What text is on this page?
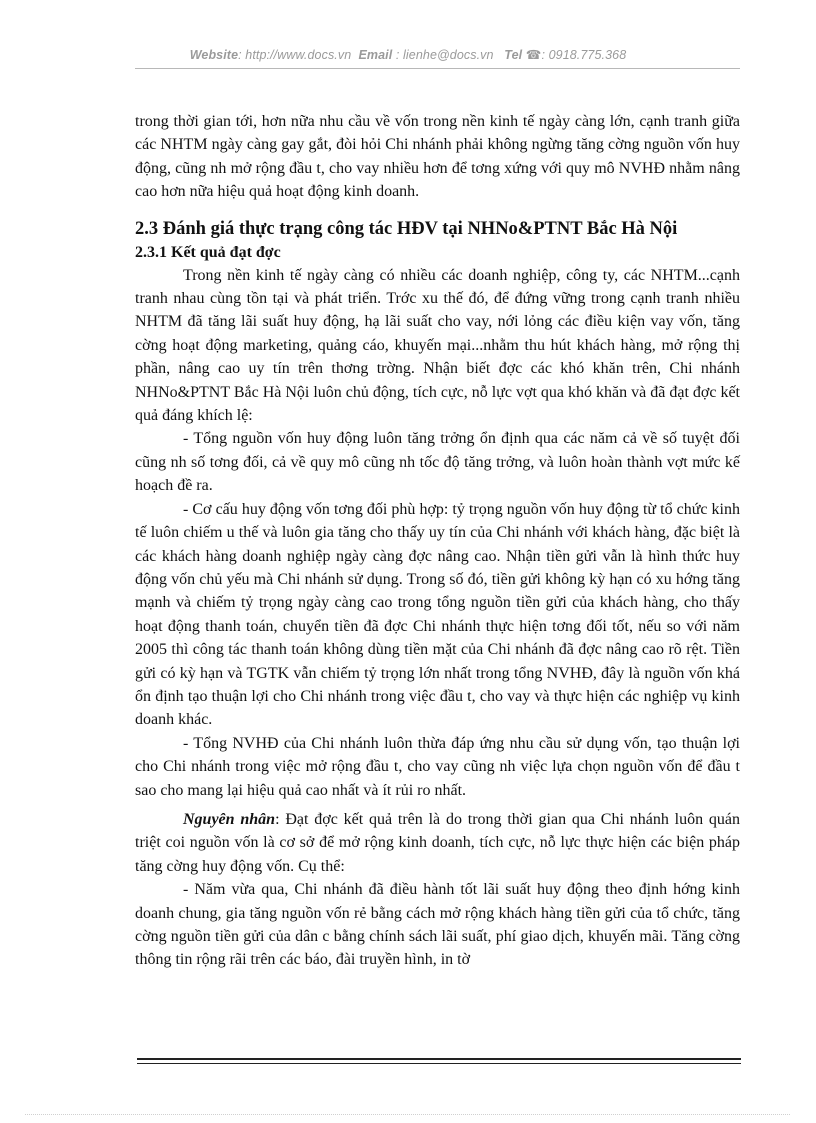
Website: http://www.docs.vn Email : lienhe@docs.vn Tel ☎: 0918.775.368

trong thời gian tới, hơn nữa nhu cầu về vốn trong nền kinh tế ngày càng lớn, cạnh tranh giữa các NHTM ngày càng gay gắt, đòi hỏi Chi nhánh phải không ngừng tăng cờng nguồn vốn huy động, cũng nh mở rộng đầu t, cho vay nhiều hơn để tơng xứng với quy mô NVHĐ nhằm nâng cao hơn nữa hiệu quả hoạt động kinh doanh.

2.3 Đánh giá thực trạng công tác HĐV tại NHNo&PTNT Bắc Hà Nội
2.3.1 Kết quả đạt đợc

Trong nền kinh tế ngày càng có nhiều các doanh nghiệp, công ty, các NHTM...cạnh tranh nhau cùng tồn tại và phát triển. Trớc xu thế đó, để đứng vững trong cạnh tranh nhiều NHTM đã tăng lãi suất huy động, hạ lãi suất cho vay, nới lỏng các điều kiện vay vốn, tăng cờng hoạt động marketing, quảng cáo, khuyến mại...nhằm thu hút khách hàng, mở rộng thị phần, nâng cao uy tín trên thơng trờng. Nhận biết đợc các khó khăn trên, Chi nhánh NHNo&PTNT Bắc Hà Nội luôn chủ động, tích cực, nỗ lực vợt qua khó khăn và đã đạt đợc kết quả đáng khích lệ:

- Tổng nguồn vốn huy động luôn tăng trởng ổn định qua các năm cả về số tuyệt đối cũng nh số tơng đối, cả về quy mô cũng nh tốc độ tăng trởng, và luôn hoàn thành vợt mức kế hoạch đề ra.

- Cơ cấu huy động vốn tơng đối phù hợp: tỷ trọng nguồn vốn huy động từ tổ chức kinh tế luôn chiếm u thế và luôn gia tăng cho thấy uy tín của Chi nhánh với khách hàng, đặc biệt là các khách hàng doanh nghiệp ngày càng đợc nâng cao. Nhận tiền gửi vẫn là hình thức huy động vốn chủ yếu mà Chi nhánh sử dụng. Trong số đó, tiền gửi không kỳ hạn có xu hớng tăng mạnh và chiếm tỷ trọng ngày càng cao trong tổng nguồn tiền gửi của khách hàng, cho thấy hoạt động thanh toán, chuyển tiền đã đợc Chi nhánh thực hiện tơng đối tốt, nếu so với năm 2005 thì công tác thanh toán không dùng tiền mặt của Chi nhánh đã đợc nâng cao rõ rệt. Tiền gửi có kỳ hạn và TGTK vẫn chiếm tỷ trọng lớn nhất trong tổng NVHĐ, đây là nguồn vốn khá ổn định tạo thuận lợi cho Chi nhánh trong việc đầu t, cho vay và thực hiện các nghiệp vụ kinh doanh khác.

- Tổng NVHĐ của Chi nhánh luôn thừa đáp ứng nhu cầu sử dụng vốn, tạo thuận lợi cho Chi nhánh trong việc mở rộng đầu t, cho vay cũng nh việc lựa chọn nguồn vốn để đầu t sao cho mang lại hiệu quả cao nhất và ít rủi ro nhất.

Nguyên nhân: Đạt đợc kết quả trên là do trong thời gian qua Chi nhánh luôn quán triệt coi nguồn vốn là cơ sở để mở rộng kinh doanh, tích cực, nỗ lực thực hiện các biện pháp tăng cờng huy động vốn. Cụ thể:

- Năm vừa qua, Chi nhánh đã điều hành tốt lãi suất huy động theo định hớng kinh doanh chung, gia tăng nguồn vốn rẻ bằng cách mở rộng khách hàng tiền gửi của tổ chức, tăng cờng nguồn tiền gửi của dân c bằng chính sách lãi suất, phí giao dịch, khuyến mãi. Tăng cờng thông tin rộng rãi trên các báo, đài truyền hình, in tờ
